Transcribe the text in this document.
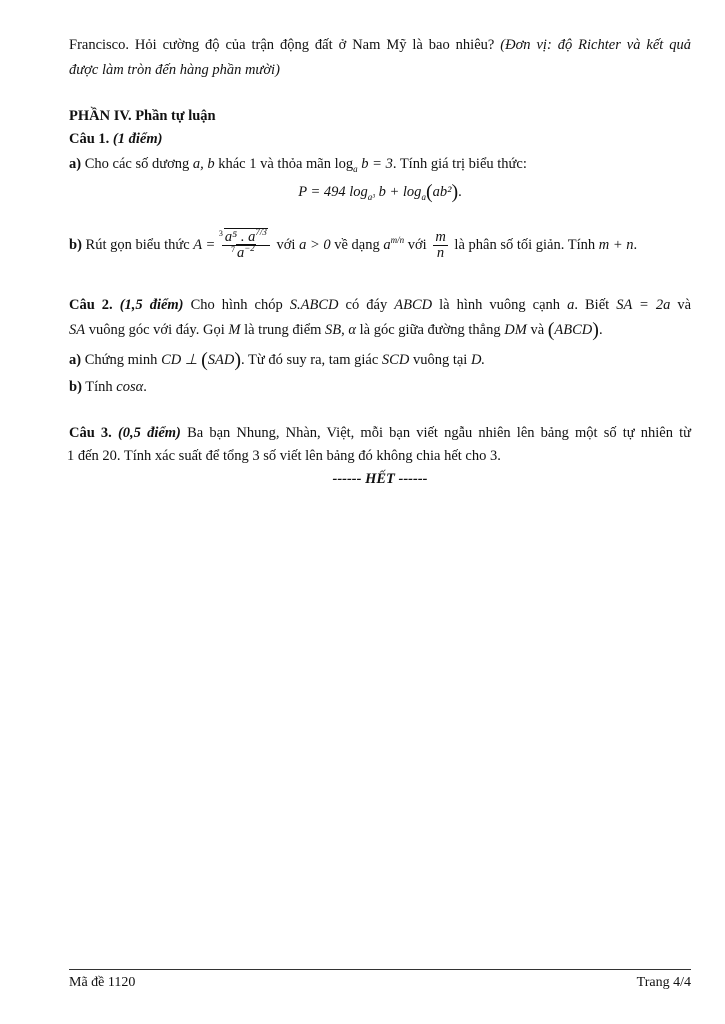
Francisco. Hỏi cường độ của trận động đất ở Nam Mỹ là bao nhiêu? (Đơn vị: độ Richter và kết quả
được làm tròn đến hàng phần mười)
PHẦN IV. Phần tự luận
Câu 1. (1 điểm)
a) Cho các số dương a, b khác 1 và thỏa mãn $\log_a b = 3$. Tính giá trị biểu thức:
P = 494 $\log_{a^3} b + \log_a(ab^2)$.
b) Rút gọn biểu thức $A = \frac{3 a^5 . a^{7/3}}{7 a^{-2}}$ với a > 0 về dạng $a^{m/n}$ với $\frac{m}{n}$ là phân số tối giản. Tính m + n.
Câu 2. (1,5 điểm) Cho hình chóp S.ABCD có đáy ABCD là hình vuông cạnh a. Biết SA = 2a và
SA vuông góc với đáy. Gọi M là trung điểm SB, α là góc giữa đường thẳng DM và (ABCD).
a) Chứng minh CD ⊥ (SAD). Từ đó suy ra, tam giác SCD vuông tại D.
b) Tính cosα.
Câu 3. (0,5 điểm) Ba bạn Nhung, Nhàn, Việt, mỗi bạn viết ngẫu nhiên lên bảng một số tự nhiên từ
1 đến 20. Tính xác suất để tổng 3 số viết lên bảng đó không chia hết cho 3.
------ HẾT ------
Mã đề 1120	Trang 4/4
